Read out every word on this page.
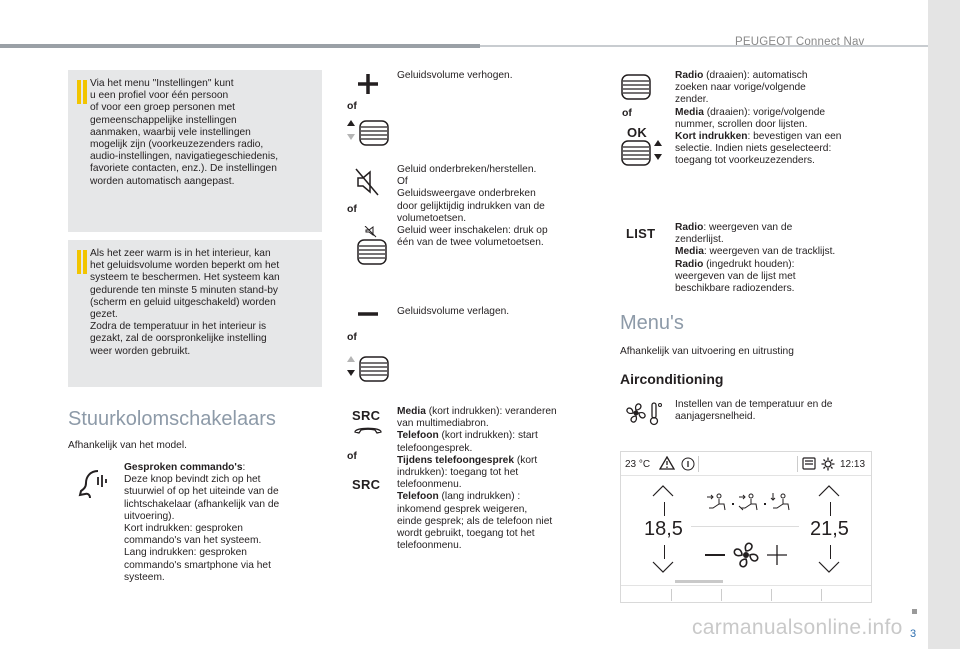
PEUGEOT Connect Nav

Via het menu "Instellingen" kunt
u een profiel voor één persoon
of voor een groep personen met
gemeenschappelijke instellingen
aanmaken, waarbij vele instellingen
mogelijk zijn (voorkeuzezenders radio,
audio-instellingen, navigatiegeschiedenis,
favoriete contacten, enz.). De instellingen
worden automatisch aangepast.

Als het zeer warm is in het interieur, kan
het geluidsvolume worden beperkt om het
systeem te beschermen. Het systeem kan
gedurende ten minste 5 minuten stand-by
(scherm en geluid uitgeschakeld) worden
gezet.
Zodra de temperatuur in het interieur is
gezakt, zal de oorspronkelijke instelling
weer worden gebruikt.

Stuurkolomschakelaars
Afhankelijk van het model.
Gesproken commando's:
Deze knop bevindt zich op het
stuurwiel of op het uiteinde van de
lichtschakelaar (afhankelijk van de
uitvoering).
Kort indrukken: gesproken
commando's van het systeem.
Lang indrukken: gesproken
commando's smartphone via het
systeem.
of
Geluidsvolume verhogen.
of
Geluid onderbreken/herstellen.
Of
Geluidsweergave onderbreken
door gelijktijdig indrukken van de
volumetoetsen.
Geluid weer inschakelen: druk op
één van de twee volumetoetsen.
of
Geluidsvolume verlagen.
SRC
of
SRC
Media (kort indrukken): veranderen
van multimediabron.
Telefoon (kort indrukken): start
telefoongesprek.
Tijdens telefoongesprek (kort
indrukken): toegang tot het
telefoonmenu.
Telefoon (lang indrukken) :
inkomend gesprek weigeren,
einde gesprek; als de telefoon niet
wordt gebruikt, toegang tot het
telefoonmenu.
of
OK
Radio (draaien): automatisch
zoeken naar vorige/volgende
zender.
Media (draaien): vorige/volgende
nummer, scrollen door lijsten.
Kort indrukken: bevestigen van een
selectie. Indien niets geselecteerd:
toegang tot voorkeuzezenders.
LIST Radio: weergeven van de
zenderlijst.
Media: weergeven van de tracklijst.
Radio (ingedrukt houden):
weergeven van de lijst met
beschikbare radiozenders.
Menu's
Afhankelijk van uitvoering en uitrusting
Airconditioning
Instellen van de temperatuur en de
aanjagersnelheid.
23 °C	12:13
18,5	21,5
3
carmanualsonline.info
